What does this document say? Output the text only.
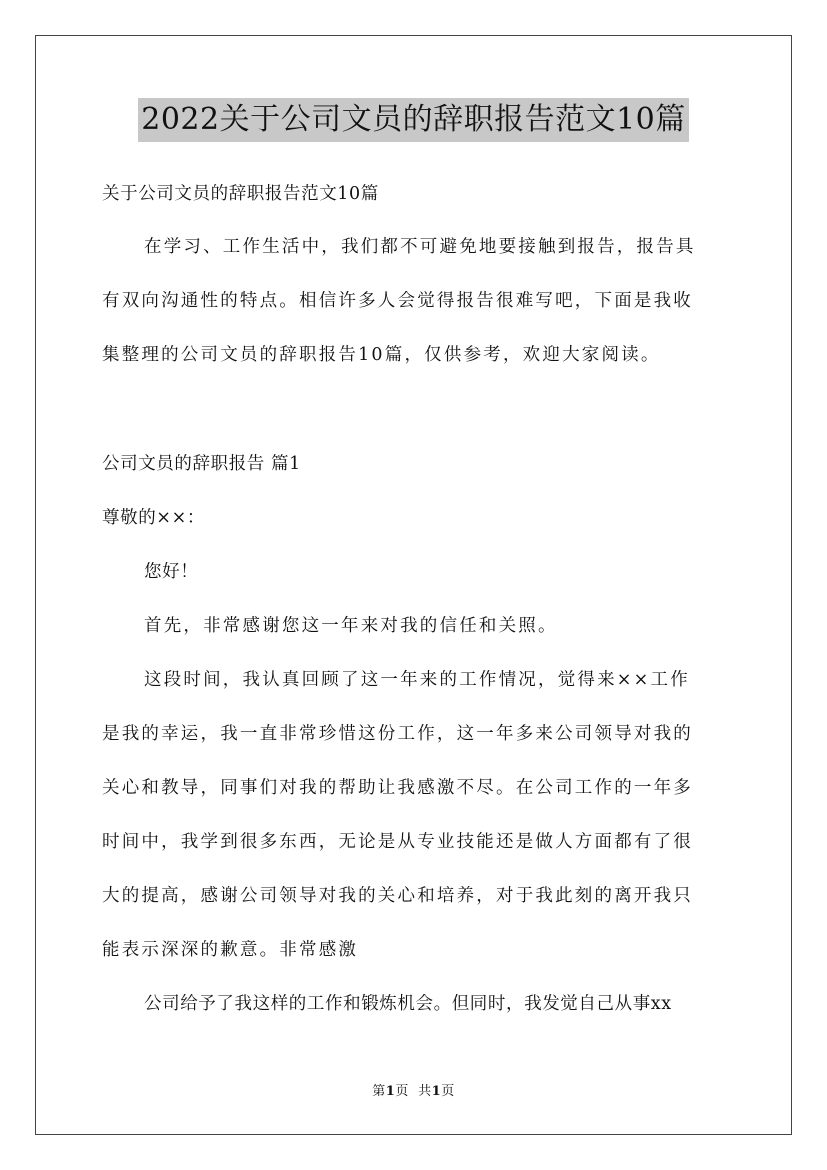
2022关于公司文员的辞职报告范文10篇
关于公司文员的辞职报告范文10篇
在学习、工作生活中，我们都不可避免地要接触到报告，报告具
有双向沟通性的特点。相信许多人会觉得报告很难写吧，下面是我收
集整理的公司文员的辞职报告10篇，仅供参考，欢迎大家阅读。
公司文员的辞职报告 篇1
尊敬的××：
您好！
首先，非常感谢您这一年来对我的信任和关照。
这段时间，我认真回顾了这一年来的工作情况，觉得来××工作
是我的幸运，我一直非常珍惜这份工作，这一年多来公司领导对我的
关心和教导，同事们对我的帮助让我感激不尽。在公司工作的一年多
时间中，我学到很多东西，无论是从专业技能还是做人方面都有了很
大的提高，感谢公司领导对我的关心和培养，对于我此刻的离开我只
能表示深深的歉意。非常感激
公司给予了我这样的工作和锻炼机会。但同时，我发觉自己从事xx
第1页 共1页
